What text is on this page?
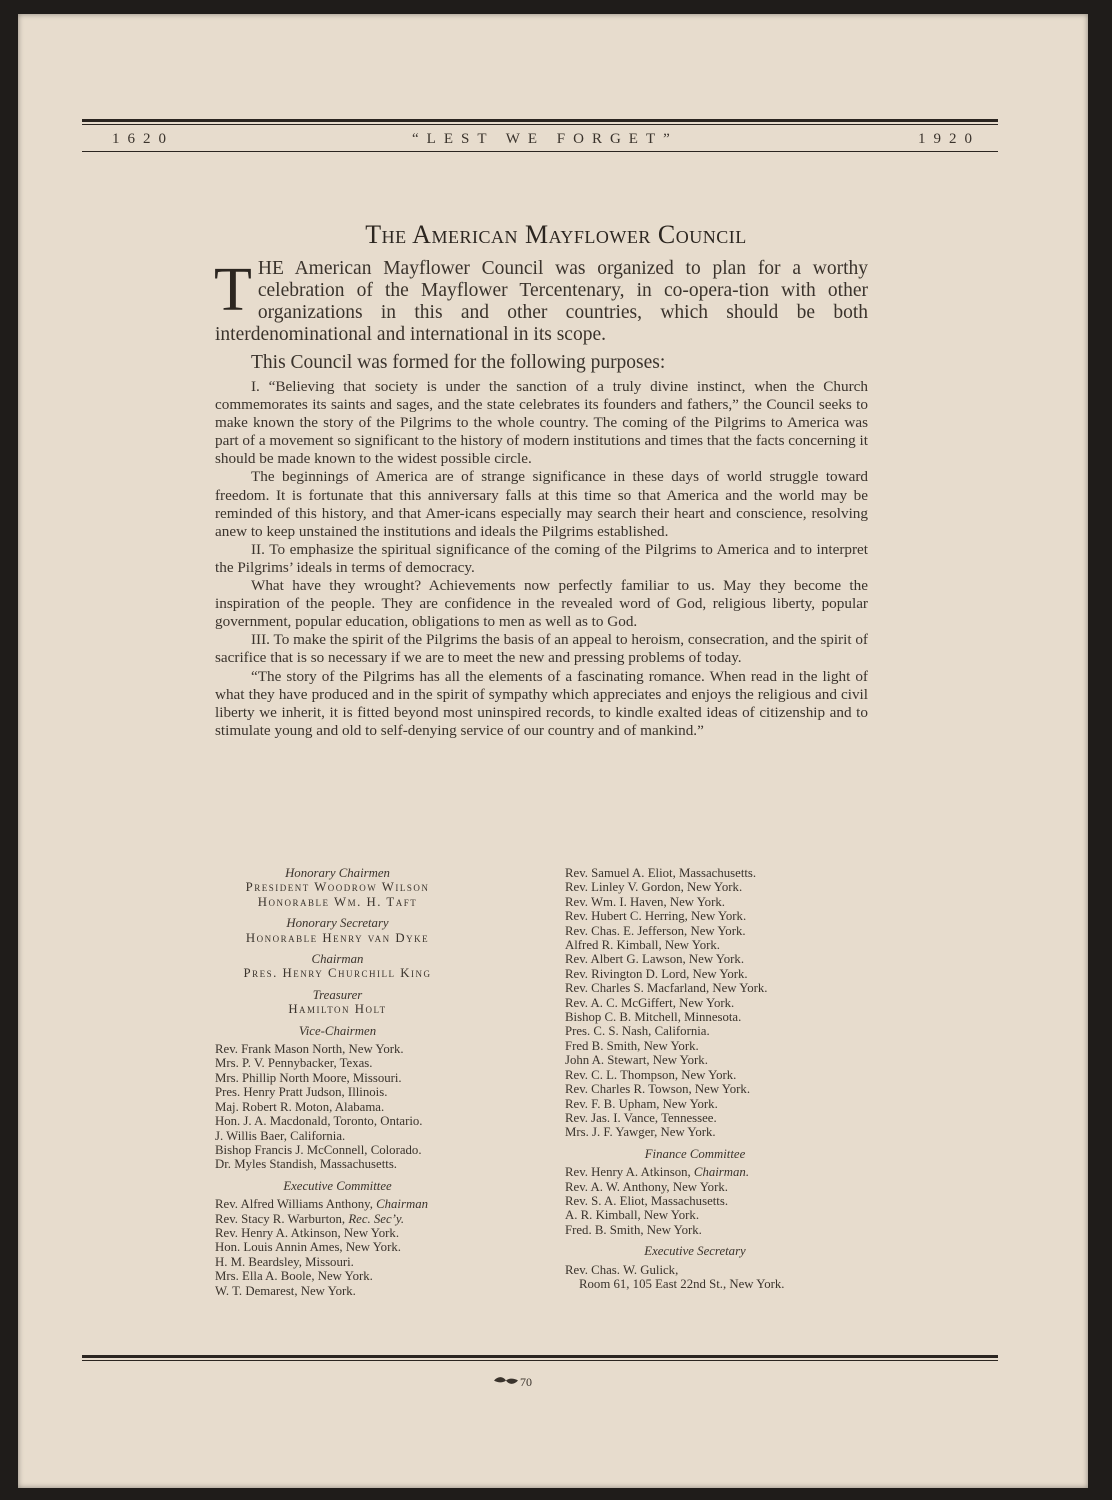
1620	“LEST WE FORGET”	1920
The American Mayflower Council
T HE American Mayflower Council was organized to plan for a worthy celebration of the Mayflower Tercentenary, in co-opera-tion with other organizations in this and other countries, which should be both interdenominational and international in its scope.
This Council was formed for the following purposes:

I. “Believing that society is under the sanction of a truly divine instinct, when the Church commemorates its saints and sages, and the state celebrates its founders and fathers,” the Council seeks to make known the story of the Pilgrims to the whole country. The coming of the Pilgrims to America was part of a movement so significant to the history of modern institutions and times that the facts concerning it should be made known to the widest possible circle.

The beginnings of America are of strange significance in these days of world struggle toward freedom. It is fortunate that this anniversary falls at this time so that America and the world may be reminded of this history, and that Amer-icans especially may search their heart and conscience, resolving anew to keep unstained the institutions and ideals the Pilgrims established.

II. To emphasize the spiritual significance of the coming of the Pilgrims to America and to interpret the Pilgrims’ ideals in terms of democracy.

What have they wrought? Achievements now perfectly familiar to us. May they become the inspiration of the people. They are confidence in the revealed word of God, religious liberty, popular government, popular education, obligations to men as well as to God.

III. To make the spirit of the Pilgrims the basis of an appeal to heroism, consecration, and the spirit of sacrifice that is so necessary if we are to meet the new and pressing problems of today.

“The story of the Pilgrims has all the elements of a fascinating romance. When read in the light of what they have produced and in the spirit of sympathy which appreciates and enjoys the religious and civil liberty we inherit, it is fitted beyond most uninspired records, to kindle exalted ideas of citizenship and to stimulate young and old to self-denying service of our country and of mankind.”

Honorary Chairmen
President Woodrow Wilson
Honorable Wm. H. Taft
Honorary Secretary
Honorable Henry van Dyke
Chairman
Pres. Henry Churchill King
Treasurer
Hamilton Holt
Vice-Chairmen
Rev. Frank Mason North, New York.
Mrs. P. V. Pennybacker, Texas.
Mrs. Phillip North Moore, Missouri.
Pres. Henry Pratt Judson, Illinois.
Maj. Robert R. Moton, Alabama.
Hon. J. A. Macdonald, Toronto, Ontario.
J. Willis Baer, California.
Bishop Francis J. McConnell, Colorado.
Dr. Myles Standish, Massachusetts.
Executive Committee
Rev. Alfred Williams Anthony, Chairman
Rev. Stacy R. Warburton, Rec. Sec’y.
Rev. Henry A. Atkinson, New York.
Hon. Louis Annin Ames, New York.
H. M. Beardsley, Missouri.
Mrs. Ella A. Boole, New York.
W. T. Demarest, New York.
Rev. Samuel A. Eliot, Massachusetts.
Rev. Linley V. Gordon, New York.
Rev. Wm. I. Haven, New York.
Rev. Hubert C. Herring, New York.
Rev. Chas. E. Jefferson, New York.
Alfred R. Kimball, New York.
Rev. Albert G. Lawson, New York.
Rev. Rivington D. Lord, New York.
Rev. Charles S. Macfarland, New York.
Rev. A. C. McGiffert, New York.
Bishop C. B. Mitchell, Minnesota.
Pres. C. S. Nash, California.
Fred B. Smith, New York.
John A. Stewart, New York.
Rev. C. L. Thompson, New York.
Rev. Charles R. Towson, New York.
Rev. F. B. Upham, New York.
Rev. Jas. I. Vance, Tennessee.
Mrs. J. F. Yawger, New York.
Finance Committee
Rev. Henry A. Atkinson, Chairman.
Rev. A. W. Anthony, New York.
Rev. S. A. Eliot, Massachusetts.
A. R. Kimball, New York.
Fred. B. Smith, New York.
Executive Secretary
Rev. Chas. W. Gulick,
Room 61, 105 East 22nd St., New York.
70
